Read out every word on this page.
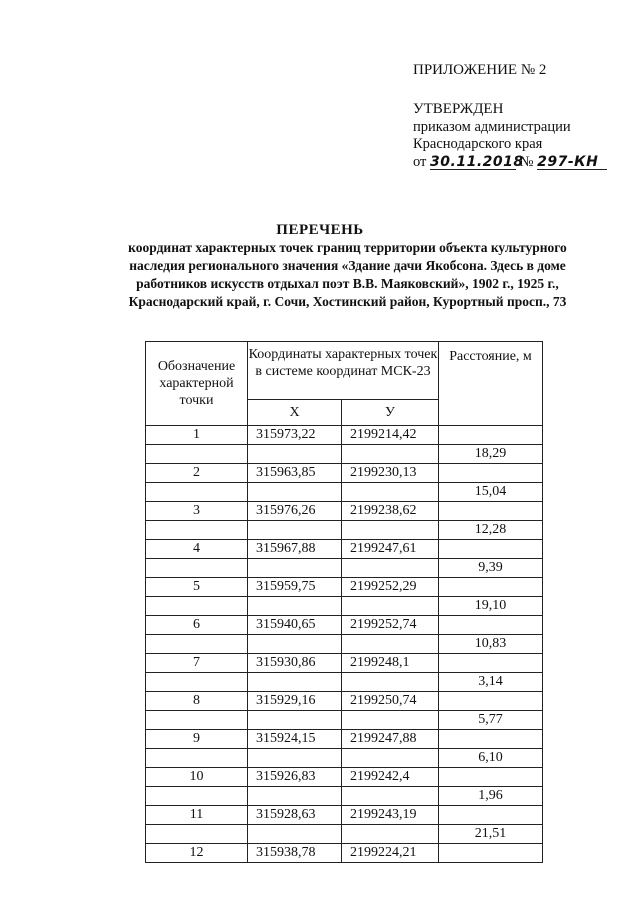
ПРИЛОЖЕНИЕ № 2
УТВЕРЖДЕН
приказом администрации
Краснодарского края
от 30.11.2018 № 297-КН
ПЕРЕЧЕНЬ
координат характерных точек границ территории объекта культурного
наследия регионального значения «Здание дачи Якобсона. Здесь в доме
работников искусств отдыхал поэт В.В. Маяковский», 1902 г., 1925 г.,
Краснодарский край, г. Сочи, Хостинский район, Курортный просп., 73
Обозначение характерной точки	Координаты характерных точек в системе координат МСК-23		Расстояние, м
	X	У	
1	315973,22	2199214,42	
			18,29
2	315963,85	2199230,13	
			15,04
3	315976,26	2199238,62	
			12,28
4	315967,88	2199247,61	
			9,39
5	315959,75	2199252,29	
			19,10
6	315940,65	2199252,74	
			10,83
7	315930,86	2199248,1	
			3,14
8	315929,16	2199250,74	
			5,77
9	315924,15	2199247,88	
			6,10
10	315926,83	2199242,4	
			1,96
11	315928,63	2199243,19	
			21,51
12	315938,78	2199224,21	
